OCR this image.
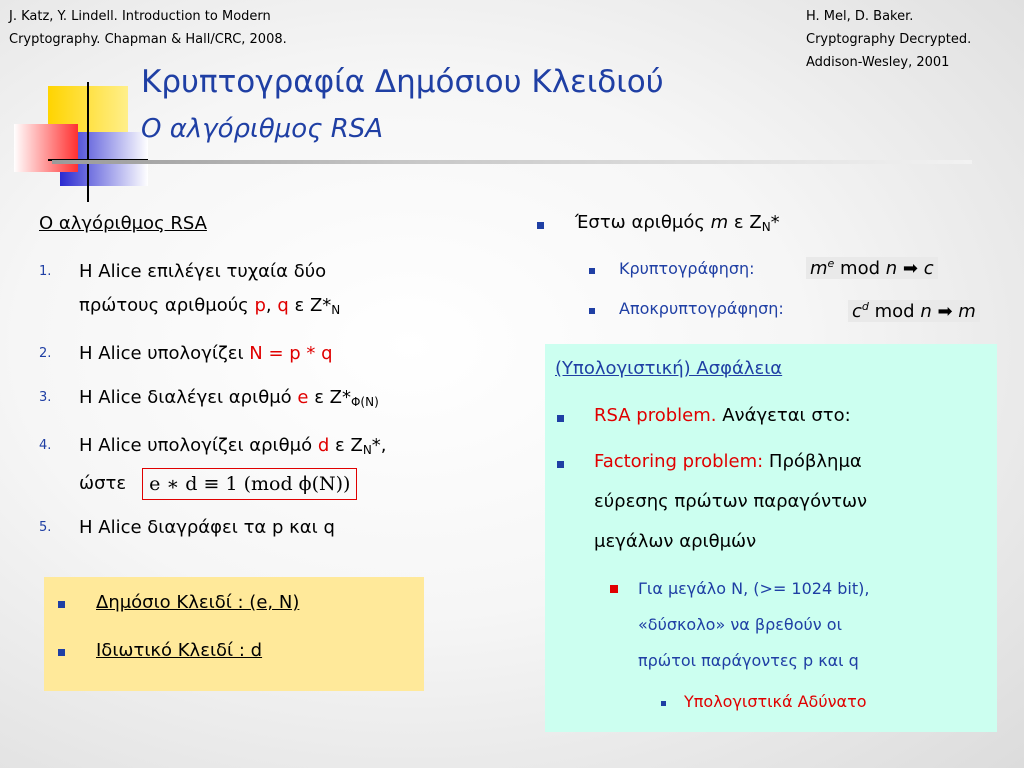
J. Katz, Y. Lindell. Introduction to Modern
Cryptography. Chapman & Hall/CRC, 2008.
H. Mel, D. Baker.
Cryptography Decrypted.
Addison-Wesley, 2001
Κρυπτογραφία Δημόσιου Κλειδιού
Ο αλγόριθμος RSA
Ο αλγόριθμος RSA
1. Η Alice επιλέγει τυχαία δύο
πρώτους αριθμούς p, q ε $Z*_N$
2. Η Alice υπολογίζει N = p * q
3. Η Alice διαλέγει αριθμό e ε $Z*_{\Phi(N)}$
4. Η Alice υπολογίζει αριθμό d ε $Z_N*$,
ώστε e ∗ d ≡ 1 (mod ϕ(N))
5. Η Alice διαγράφει τα p και q
Δημόσιο Κλειδί : (e, N)
Ιδιωτικό Κλειδί : d
Έστω αριθμός m ε $Z_N*$
Κρυπτογράφηση:	$m^e$ mod n ➡ c
Αποκρυπτογράφηση:	$c^d$ mod n ➡ m
(Υπολογιστική) Ασφάλεια
RSA problem. Ανάγεται στο:
Factoring problem: Πρόβλημα
εύρεσης πρώτων παραγόντων
μεγάλων αριθμών
Για μεγάλο Ν, (>= 1024 bit),
«δύσκολο» να βρεθούν οι
πρώτοι παράγοντες p και q
Υπολογιστικά Αδύνατο
